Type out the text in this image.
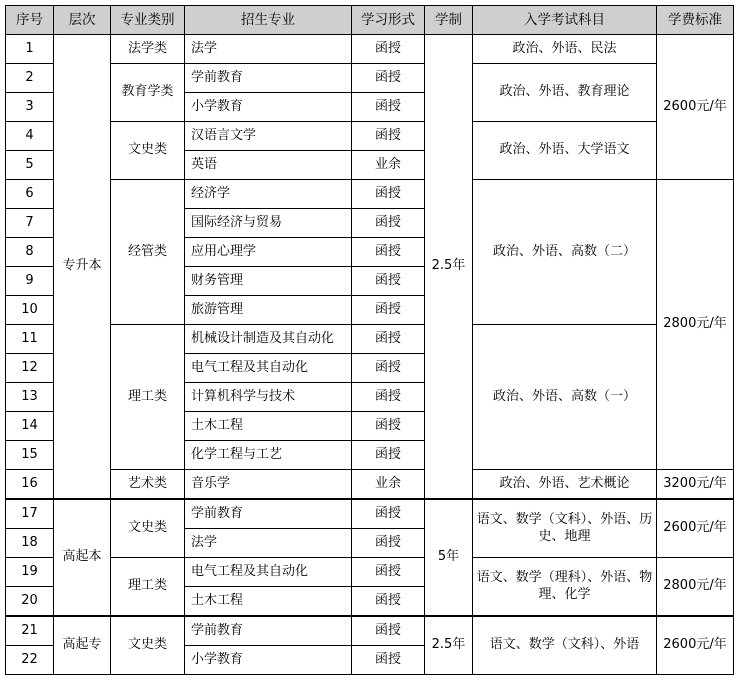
序号	层次	专业类别	招生专业	学习形式	学制	入学考试科目	学费标准
1	专升本	法学类	法学	函授	2.5年	政治、外语、民法	2600元/年
2		教育学类	学前教育	函授		政治、外语、教育理论	
3			小学教育	函授			
4		文史类	汉语言文学	函授		政治、外语、大学语文	
5			英语	业余			
6		经管类	经济学	函授		政治、外语、高数（二）	2800元/年
7			国际经济与贸易	函授			
8			应用心理学	函授			
9			财务管理	函授			
10			旅游管理	函授			
11		理工类	机械设计制造及其自动化	函授		政治、外语、高数（一）	
12			电气工程及其自动化	函授			
13			计算机科学与技术	函授			
14			土木工程	函授			
15			化学工程与工艺	函授			
16		艺术类	音乐学	业余		政治、外语、艺术概论	3200元/年
17	高起本	文史类	学前教育	函授	5年	语文、数学（文科）、外语、历史、地理	2600元/年
18			法学	函授			
19		理工类	电气工程及其自动化	函授		语文、数学（理科）、外语、物理、化学	2800元/年
20			土木工程	函授			
21	高起专	文史类	学前教育	函授	2.5年	语文、数学（文科）、外语	2600元/年
22			小学教育	函授			
